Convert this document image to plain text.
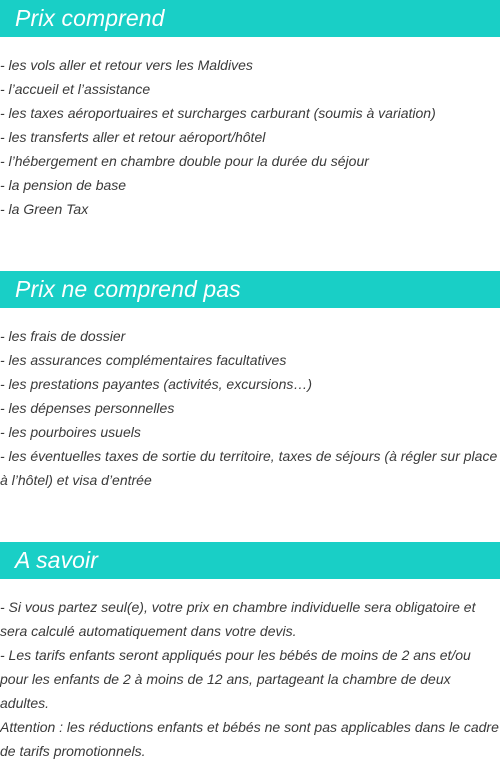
Prix comprend
- les vols aller et retour vers les Maldives
- l’accueil et l’assistance
- les taxes aéroportuaires et surcharges carburant (soumis à variation)
- les transferts aller et retour aéroport/hôtel
- l’hébergement en chambre double pour la durée du séjour
- la pension de base
- la Green Tax
Prix ne comprend pas
- les frais de dossier
- les assurances complémentaires facultatives
- les prestations payantes (activités, excursions…)
- les dépenses personnelles
- les pourboires usuels
- les éventuelles taxes de sortie du territoire, taxes de séjours (à régler sur place à l’hôtel) et visa d’entrée
A savoir
- Si vous partez seul(e), votre prix en chambre individuelle sera obligatoire et sera calculé automatiquement dans votre devis.
- Les tarifs enfants seront appliqués pour les bébés de moins de 2 ans et/ou pour les enfants de 2 à moins de 12 ans, partageant la chambre de deux adultes.
Attention : les réductions enfants et bébés ne sont pas applicables dans le cadre de tarifs promotionnels.
